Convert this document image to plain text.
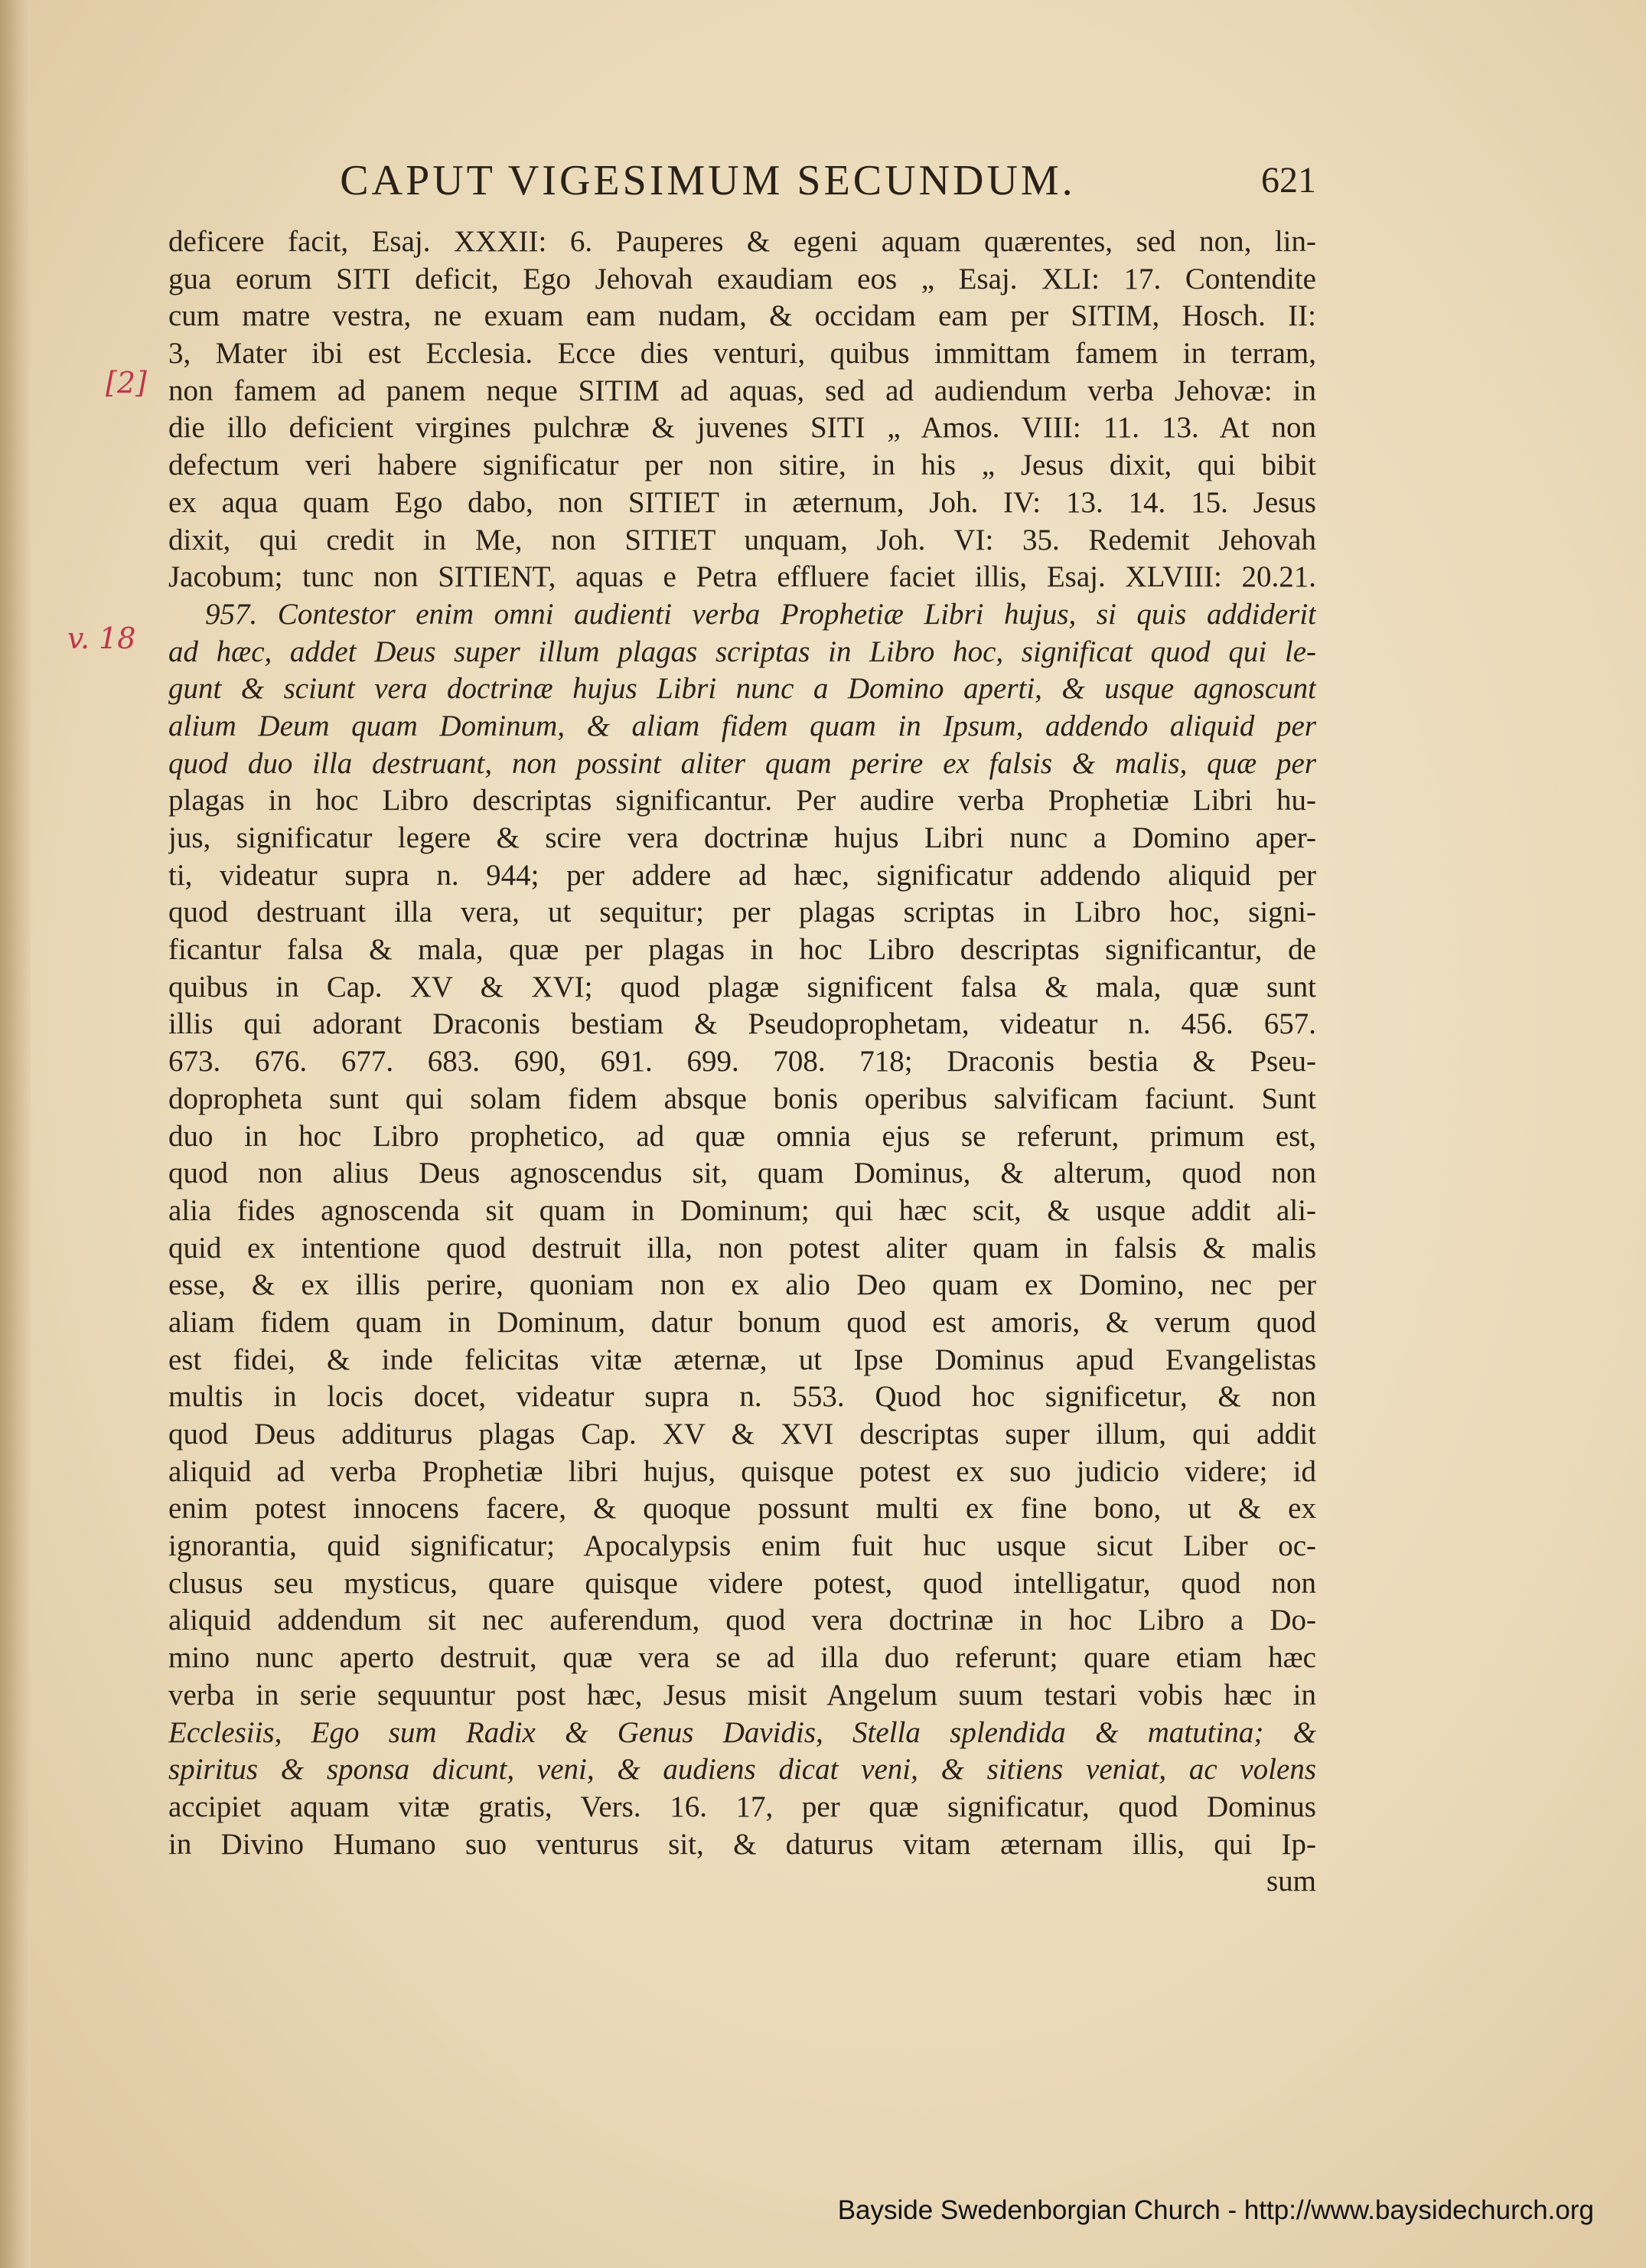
CAPUT VIGESIMUM SECUNDUM.	621
[2]
v. 18
deficere facit, Esaj. XXXII: 6. Pauperes & egeni aquam quærentes, sed non, lin-
gua eorum SITI deficit, Ego Jehovah exaudiam eos „ Esaj. XLI: 17. Contendite
cum matre vestra, ne exuam eam nudam, & occidam eam per SITIM, Hosch. II:
3, Mater ibi est Ecclesia. Ecce dies venturi, quibus immittam famem in terram,
non famem ad panem neque SITIM ad aquas, sed ad audiendum verba Jehovæ: in
die illo deficient virgines pulchræ & juvenes SITI „ Amos. VIII: 11. 13. At non
defectum veri habere significatur per non sitire, in his „ Jesus dixit, qui bibit
ex aqua quam Ego dabo, non SITIET in æternum, Joh. IV: 13. 14. 15. Jesus
dixit, qui credit in Me, non SITIET unquam, Joh. VI: 35. Redemit Jehovah
Jacobum; tunc non SITIENT, aquas e Petra effluere faciet illis, Esaj. XLVIII: 20.21.
957. Contestor enim omni audienti verba Prophetiæ Libri hujus, si quis addiderit
ad hæc, addet Deus super illum plagas scriptas in Libro hoc, significat quod qui le-
gunt & sciunt vera doctrinæ hujus Libri nunc a Domino aperti, & usque agnoscunt
alium Deum quam Dominum, & aliam fidem quam in Ipsum, addendo aliquid per
quod duo illa destruant, non possint aliter quam perire ex falsis & malis, quæ per
plagas in hoc Libro descriptas significantur. Per audire verba Prophetiæ Libri hu-
jus, significatur legere & scire vera doctrinæ hujus Libri nunc a Domino aper-
ti, videatur supra n. 944; per addere ad hæc, significatur addendo aliquid per
quod destruant illa vera, ut sequitur; per plagas scriptas in Libro hoc, signi-
ficantur falsa & mala, quæ per plagas in hoc Libro descriptas significantur, de
quibus in Cap. XV & XVI; quod plagæ significent falsa & mala, quæ sunt
illis qui adorant Draconis bestiam & Pseudoprophetam, videatur n. 456. 657.
673. 676. 677. 683. 690, 691. 699. 708. 718; Draconis bestia & Pseu-
dopropheta sunt qui solam fidem absque bonis operibus salvificam faciunt. Sunt
duo in hoc Libro prophetico, ad quæ omnia ejus se referunt, primum est,
quod non alius Deus agnoscendus sit, quam Dominus, & alterum, quod non
alia fides agnoscenda sit quam in Dominum; qui hæc scit, & usque addit ali-
quid ex intentione quod destruit illa, non potest aliter quam in falsis & malis
esse, & ex illis perire, quoniam non ex alio Deo quam ex Domino, nec per
aliam fidem quam in Dominum, datur bonum quod est amoris, & verum quod
est fidei, & inde felicitas vitæ æternæ, ut Ipse Dominus apud Evangelistas
multis in locis docet, videatur supra n. 553. Quod hoc significetur, & non
quod Deus additurus plagas Cap. XV & XVI descriptas super illum, qui addit
aliquid ad verba Prophetiæ libri hujus, quisque potest ex suo judicio videre; id
enim potest innocens facere, & quoque possunt multi ex fine bono, ut & ex
ignorantia, quid significatur; Apocalypsis enim fuit huc usque sicut Liber oc-
clusus seu mysticus, quare quisque videre potest, quod intelligatur, quod non
aliquid addendum sit nec auferendum, quod vera doctrinæ in hoc Libro a Do-
mino nunc aperto destruit, quæ vera se ad illa duo referunt; quare etiam hæc
verba in serie sequuntur post hæc, Jesus misit Angelum suum testari vobis hæc in
Ecclesiis, Ego sum Radix & Genus Davidis, Stella splendida & matutina; &
spiritus & sponsa dicunt, veni, & audiens dicat veni, & sitiens veniat, ac volens
accipiet aquam vitæ gratis, Vers. 16. 17, per quæ significatur, quod Dominus
in Divino Humano suo venturus sit, & daturus vitam æternam illis, qui Ip-
sum
Bayside Swedenborgian Church - http://www.baysidechurch.org
